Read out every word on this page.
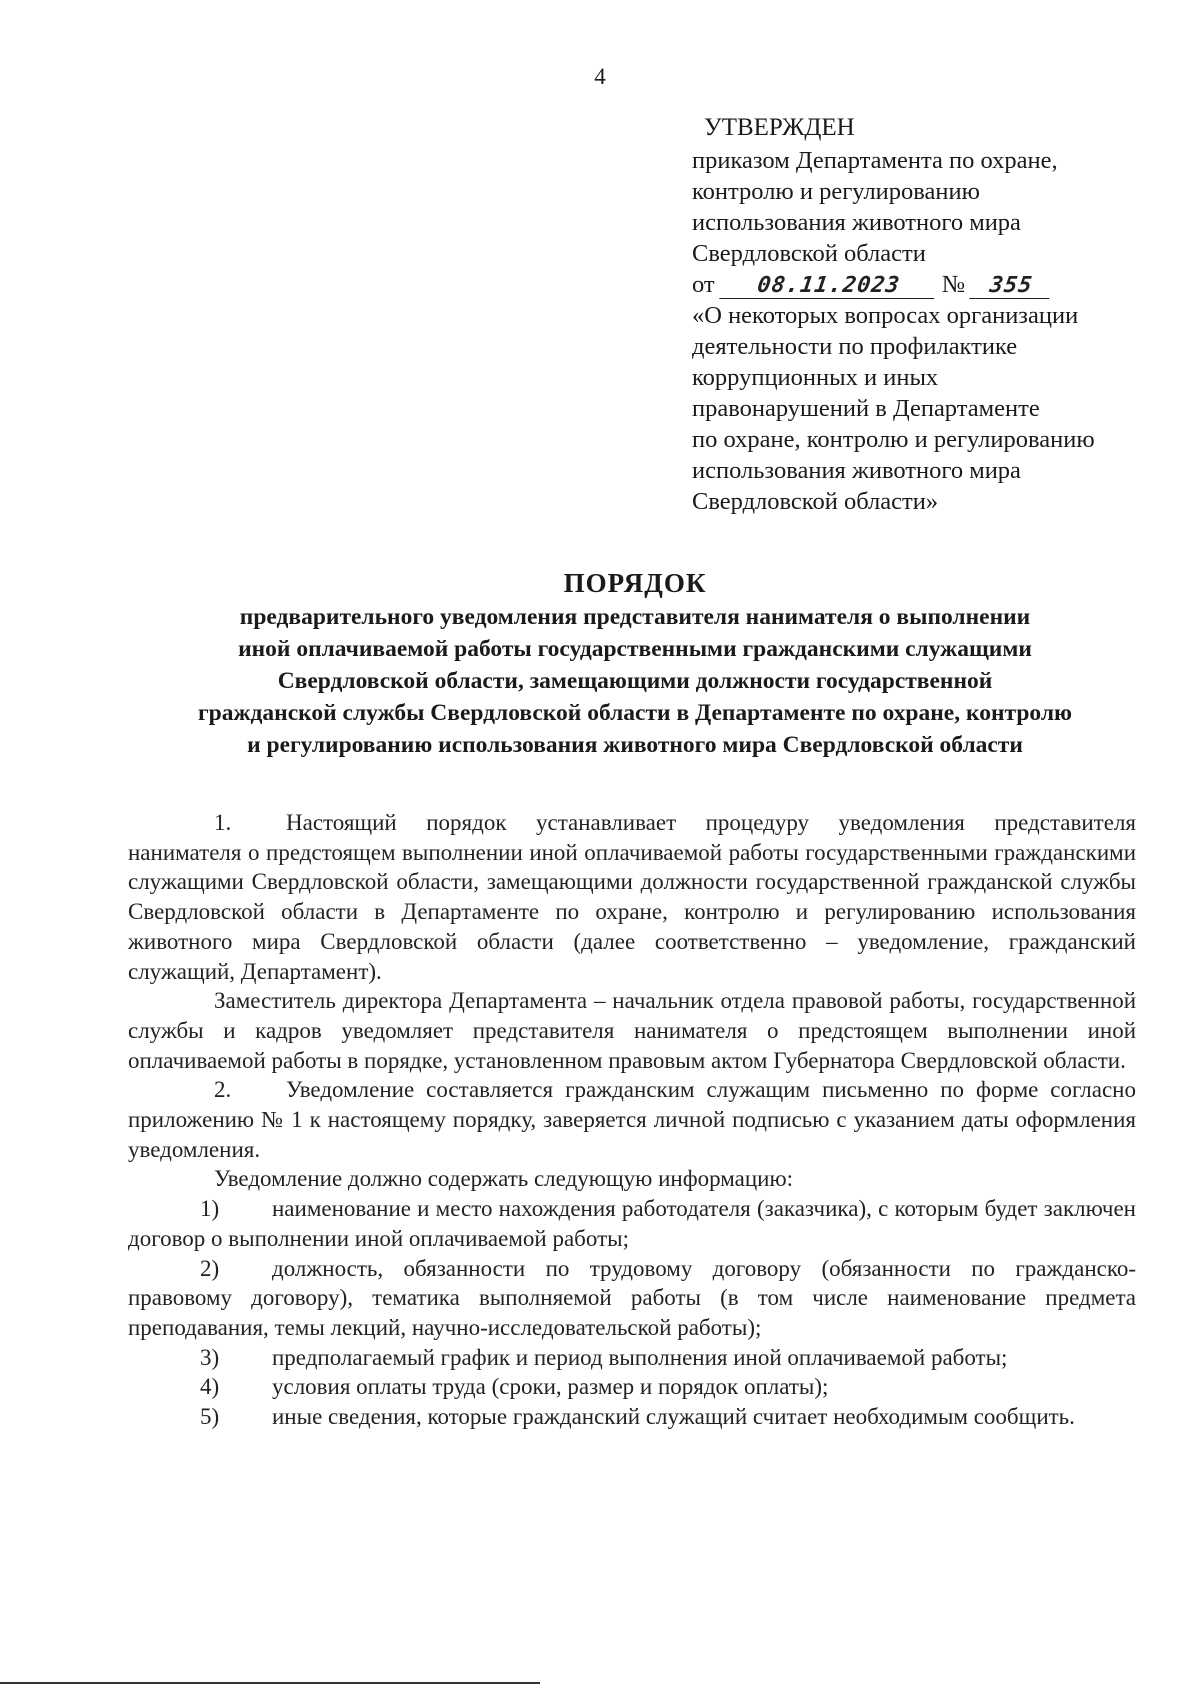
4
УТВЕРЖДЕН
приказом Департамента по охране,
контролю и регулированию
использования животного мира
Свердловской области
от 08.11.2023 № 355
«О некоторых вопросах организации
деятельности по профилактике
коррупционных и иных
правонарушений в Департаменте
по охране, контролю и регулированию
использования животного мира
Свердловской области»
ПОРЯДОК
предварительного уведомления представителя нанимателя о выполнении
иной оплачиваемой работы государственными гражданскими служащими
Свердловской области, замещающими должности государственной
гражданской службы Свердловской области в Департаменте по охране, контролю
и регулированию использования животного мира Свердловской области

1. Настоящий порядок устанавливает процедуру уведомления представителя нанимателя о предстоящем выполнении иной оплачиваемой работы государственными гражданскими служащими Свердловской области, замещающими должности государственной гражданской службы Свердловской области в Департаменте по охране, контролю и регулированию использования животного мира Свердловской области (далее соответственно – уведомление, гражданский служащий, Департамент).

Заместитель директора Департамента – начальник отдела правовой работы, государственной службы и кадров уведомляет представителя нанимателя о предстоящем выполнении иной оплачиваемой работы в порядке, установленном правовым актом Губернатора Свердловской области.

2. Уведомление составляется гражданским служащим письменно по форме согласно приложению № 1 к настоящему порядку, заверяется личной подписью с указанием даты оформления уведомления.

Уведомление должно содержать следующую информацию:

1) наименование и место нахождения работодателя (заказчика), с которым будет заключен договор о выполнении иной оплачиваемой работы;

2) должность, обязанности по трудовому договору (обязанности по гражданско-правовому договору), тематика выполняемой работы (в том числе наименование предмета преподавания, темы лекций, научно-исследовательской работы);

3) предполагаемый график и период выполнения иной оплачиваемой работы;

4) условия оплаты труда (сроки, размер и порядок оплаты);

5) иные сведения, которые гражданский служащий считает необходимым сообщить.
